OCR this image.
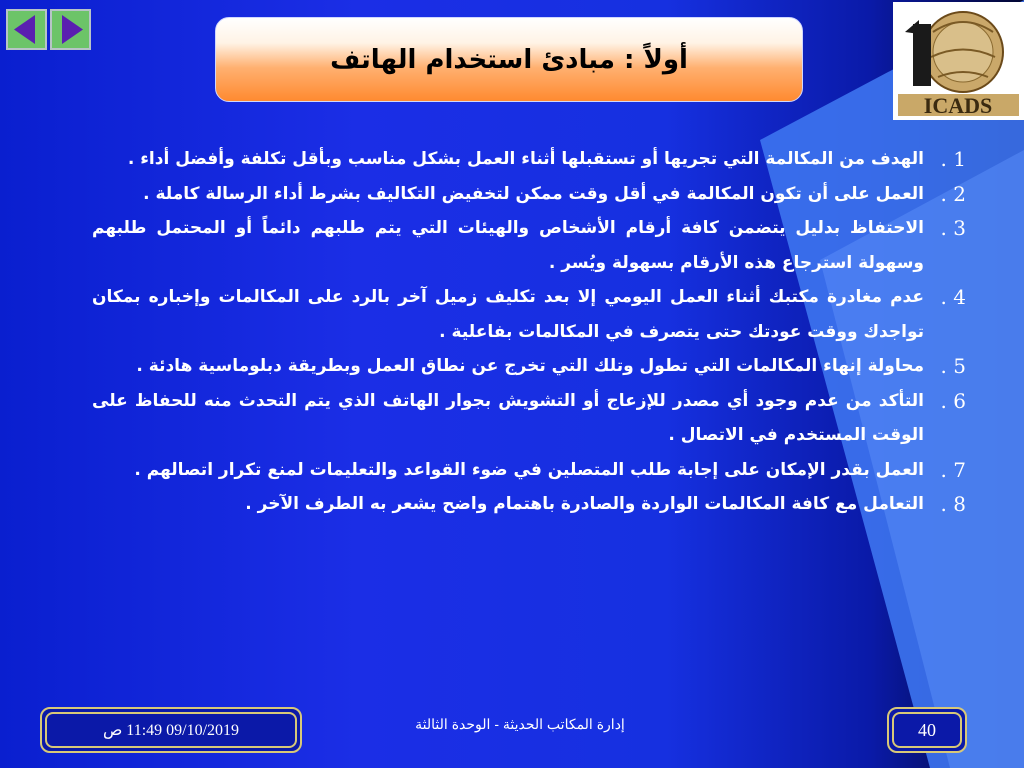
أولاً : مبادئ استخدام الهاتف
ICADS
1 .
الهدف من المكالمة التي تجريها أو تستقبلها أثناء العمل بشكل مناسب وبأقل تكلفة وأفضل أداء .
2 .
العمل على أن تكون المكالمة في أقل وقت ممكن لتخفيض التكاليف بشرط أداء الرسالة كاملة .
3 .
الاحتفاظ بدليل يتضمن كافة أرقام الأشخاص والهيئات التي يتم طلبهم دائماً أو المحتمل طلبهم وسهولة استرجاع هذه الأرقام بسهولة ويُسر .
4 .
عدم مغادرة مكتبك أثناء العمل اليومي إلا بعد تكليف زميل آخر بالرد على المكالمات وإخباره بمكان تواجدك ووقت عودتك حتى يتصرف في المكالمات بفاعلية .
5 .
محاولة إنهاء المكالمات التي تطول وتلك التي تخرج عن نطاق العمل وبطريقة دبلوماسية هادئة .
6 .
التأكد من عدم وجود أي مصدر للإزعاج أو التشويش بجوار الهاتف الذي يتم التحدث منه للحفاظ على الوقت المستخدم في الاتصال .
7 .
العمل بقدر الإمكان على إجابة طلب المتصلين في ضوء القواعد والتعليمات لمنع تكرار اتصالهم .
8 .
التعامل مع كافة المكالمات الواردة والصادرة باهتمام واضح يشعر به الطرف الآخر .
09/10/2019 11:49 ص	إدارة المكاتب الحديثة - الوحدة الثالثة	40
